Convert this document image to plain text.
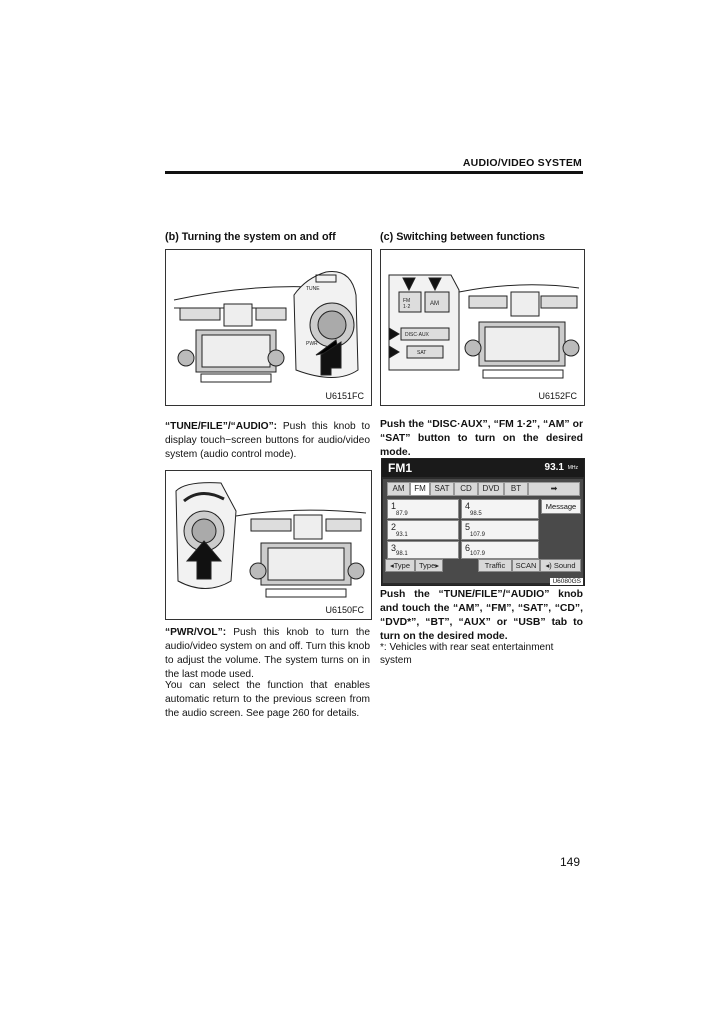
AUDIO/VIDEO SYSTEM
(b) Turning the system on and off
TUNE
PWR
U6151FC
“TUNE/FILE”/“AUDIO”: Push this knob to display touch−screen buttons for audio/video system (audio control mode).
U6150FC
“PWR/VOL”: Push this knob to turn the audio/video system on and off. Turn this knob to adjust the volume. The system turns on in the last mode used.
You can select the function that enables automatic return to the previous screen from the audio screen. See page 260 for details.
(c) Switching between functions
FM
1·2	AM
DISC·AUX
SAT
U6152FC
Push the “DISC·AUX”, “FM 1·2”, “AM” or “SAT” button to turn on the desired mode.
FM1	93.1 MHz
AM	FM	SAT	CD	DVD	BT	➡
1
87.9
4
98.5
2
93.1
5
107.9
3
98.1
6
107.9
Message
◂Type	Type▸	Traffic	SCAN	◂) Sound
U6080GS
Push the “TUNE/FILE”/“AUDIO” knob and touch the “AM”, “FM”, “SAT”, “CD”, “DVD*”, “BT”, “AUX” or “USB” tab to turn on the desired mode.
*: Vehicles with rear seat entertainment system
149
